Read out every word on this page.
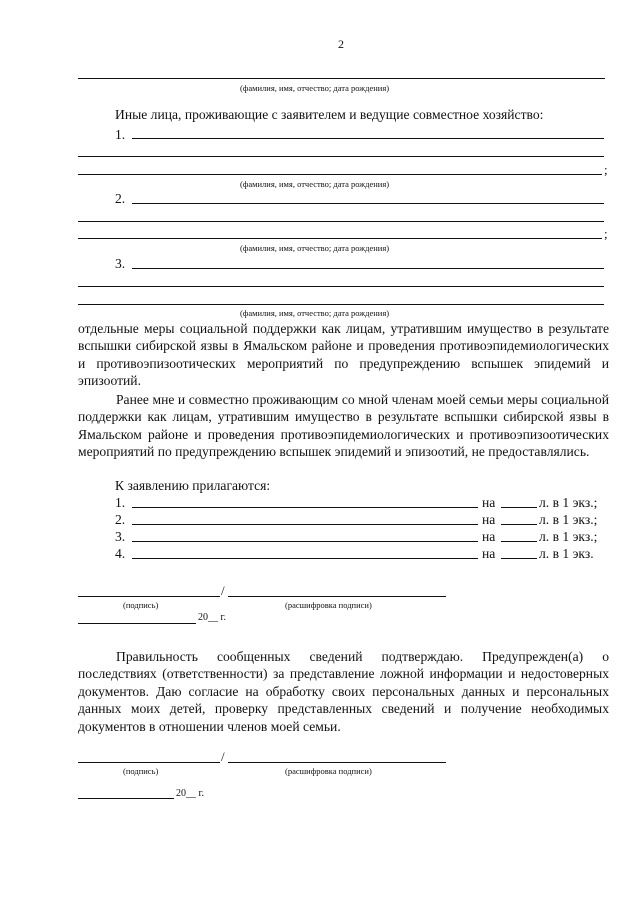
2
(фамилия, имя, отчество; дата рождения)
Иные лица, проживающие с заявителем и ведущие совместное хозяйство:
1.
;
(фамилия, имя, отчество; дата рождения)
2.
;
(фамилия, имя, отчество; дата рождения)
3.
(фамилия, имя, отчество; дата рождения)

отдельные меры социальной поддержки как лицам, утратившим имущество в результате вспышки сибирской язвы в Ямальском районе и проведения противоэпидемиологических и противоэпизоотических мероприятий по предупреждению вспышек эпидемий и эпизоотий.

Ранее мне и совместно проживающим со мной членам моей семьи меры социальной поддержки как лицам, утратившим имущество в результате вспышки сибирской язвы в Ямальском районе и проведения противоэпидемиологических и противоэпизоотических мероприятий по предупреждению вспышек эпидемий и эпизоотий, не предоставлялись.

К заявлению прилагаются:
1.	на	л. в 1 экз.;
2.	на	л. в 1 экз.;
3.	на	л. в 1 экз.;
4.	на	л. в 1 экз.
/
(подпись)	(расшифровка подписи)
20__ г.

Правильность сообщенных сведений подтверждаю. Предупрежден(а) о последствиях (ответственности) за представление ложной информации и недостоверных документов. Даю согласие на обработку своих персональных данных и персональных данных моих детей, проверку представленных сведений и получение необходимых документов в отношении членов моей семьи.

/
(подпись)	(расшифровка подписи)
20__ г.
